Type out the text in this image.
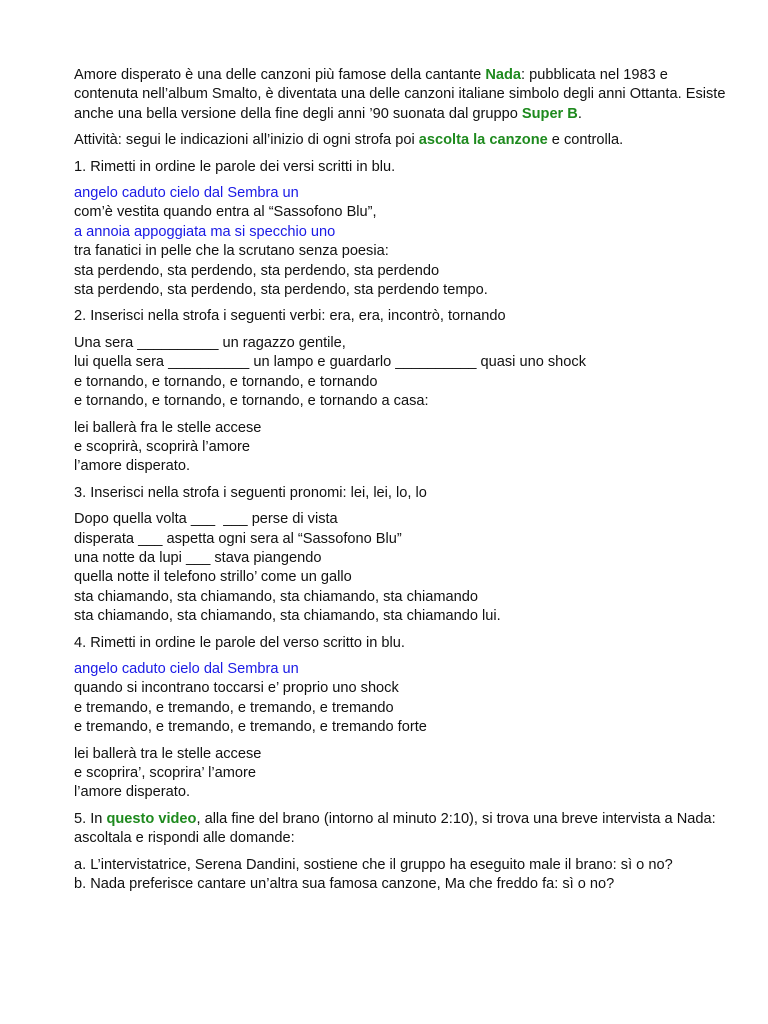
Amore disperato è una delle canzoni più famose della cantante Nada: pubblicata nel 1983 e contenuta nell’album Smalto, è diventata una delle canzoni italiane simbolo degli anni Ottanta. Esiste anche una bella versione della fine degli anni ’90 suonata dal gruppo Super B.

Attività: segui le indicazioni all’inizio di ogni strofa poi ascolta la canzone e controlla.

1. Rimetti in ordine le parole dei versi scritti in blu.

angelo caduto cielo dal Sembra un
com’è vestita quando entra al “Sassofono Blu”,
a annoia appoggiata ma si specchio uno
tra fanatici in pelle che la scrutano senza poesia:
sta perdendo, sta perdendo, sta perdendo, sta perdendo
sta perdendo, sta perdendo, sta perdendo, sta perdendo tempo.

2. Inserisci nella strofa i seguenti verbi: era, era, incontrò, tornando

Una sera __________ un ragazzo gentile,
lui quella sera __________ un lampo e guardarlo __________ quasi uno shock
e tornando, e tornando, e tornando, e tornando
e tornando, e tornando, e tornando, e tornando a casa:

lei ballerà fra le stelle accese
e scoprirà, scoprirà l’amore
l’amore disperato.

3. Inserisci nella strofa i seguenti pronomi: lei, lei, lo, lo

Dopo quella volta ___  ___ perse di vista
disperata ___ aspetta ogni sera al “Sassofono Blu”
una notte da lupi ___ stava piangendo
quella notte il telefono strillo’ come un gallo
sta chiamando, sta chiamando, sta chiamando, sta chiamando
sta chiamando, sta chiamando, sta chiamando, sta chiamando lui.

4. Rimetti in ordine le parole del verso scritto in blu.

angelo caduto cielo dal Sembra un
quando si incontrano toccarsi e’ proprio uno shock
e tremando, e tremando, e tremando, e tremando
e tremando, e tremando, e tremando, e tremando forte

lei ballerà tra le stelle accese
e scoprira’, scoprira’ l’amore
l’amore disperato.

5. In questo video, alla fine del brano (intorno al minuto 2:10), si trova una breve intervista a Nada: ascoltala e rispondi alle domande:

a. L’intervistatrice, Serena Dandini, sostiene che il gruppo ha eseguito male il brano: sì o no?
b. Nada preferisce cantare un’altra sua famosa canzone, Ma che freddo fa: sì o no?
